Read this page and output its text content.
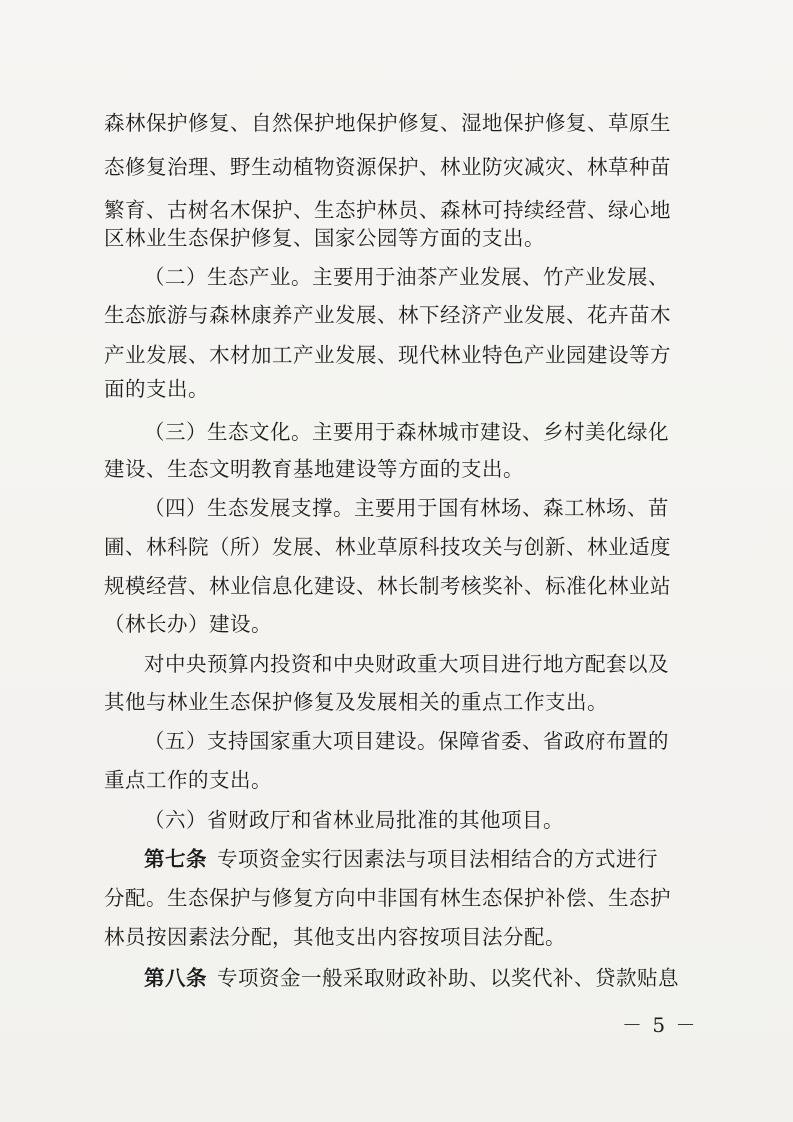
森林保护修复、自然保护地保护修复、湿地保护修复、草原生
态修复治理、野生动植物资源保护、林业防灾减灾、林草种苗
繁育、古树名木保护、生态护林员、森林可持续经营、绿心地
区林业生态保护修复、国家公园等方面的支出。
（二）生态产业。主要用于油茶产业发展、竹产业发展、
生态旅游与森林康养产业发展、林下经济产业发展、花卉苗木
产业发展、木材加工产业发展、现代林业特色产业园建设等方
面的支出。
（三）生态文化。主要用于森林城市建设、乡村美化绿化
建设、生态文明教育基地建设等方面的支出。
（四）生态发展支撑。主要用于国有林场、森工林场、苗
圃、林科院（所）发展、林业草原科技攻关与创新、林业适度
规模经营、林业信息化建设、林长制考核奖补、标准化林业站
（林长办）建设。
对中央预算内投资和中央财政重大项目进行地方配套以及
其他与林业生态保护修复及发展相关的重点工作支出。
（五）支持国家重大项目建设。保障省委、省政府布置的
重点工作的支出。
（六）省财政厅和省林业局批准的其他项目。
第七条 专项资金实行因素法与项目法相结合的方式进行
分配。生态保护与修复方向中非国有林生态保护补偿、生态护
林员按因素法分配，其他支出内容按项目法分配。
第八条 专项资金一般采取财政补助、以奖代补、贷款贴息
－ 5 －
